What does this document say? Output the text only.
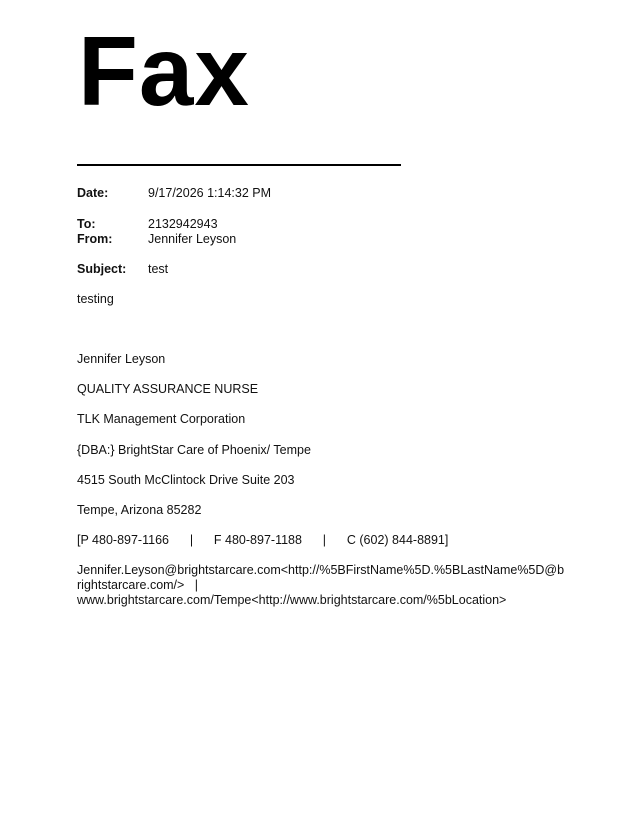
Fax
Date:	9/17/2026 1:14:32 PM
To:	2132942943
From:	Jennifer Leyson
Subject: test
testing
Jennifer Leyson
QUALITY ASSURANCE NURSE
TLK Management Corporation
{DBA:} BrightStar Care of Phoenix/ Tempe
4515 South McClintock Drive Suite 203
Tempe, Arizona 85282
[P 480-897-1166 | F 480-897-1188 | C (602) 844-8891]
Jennifer.Leyson@brightstarcare.com<http://%5BFirstName%5D.%5BLastName%5D@b
rightstarcare.com/>   |
www.brightstarcare.com/Tempe<http://www.brightstarcare.com/%5bLocation>
